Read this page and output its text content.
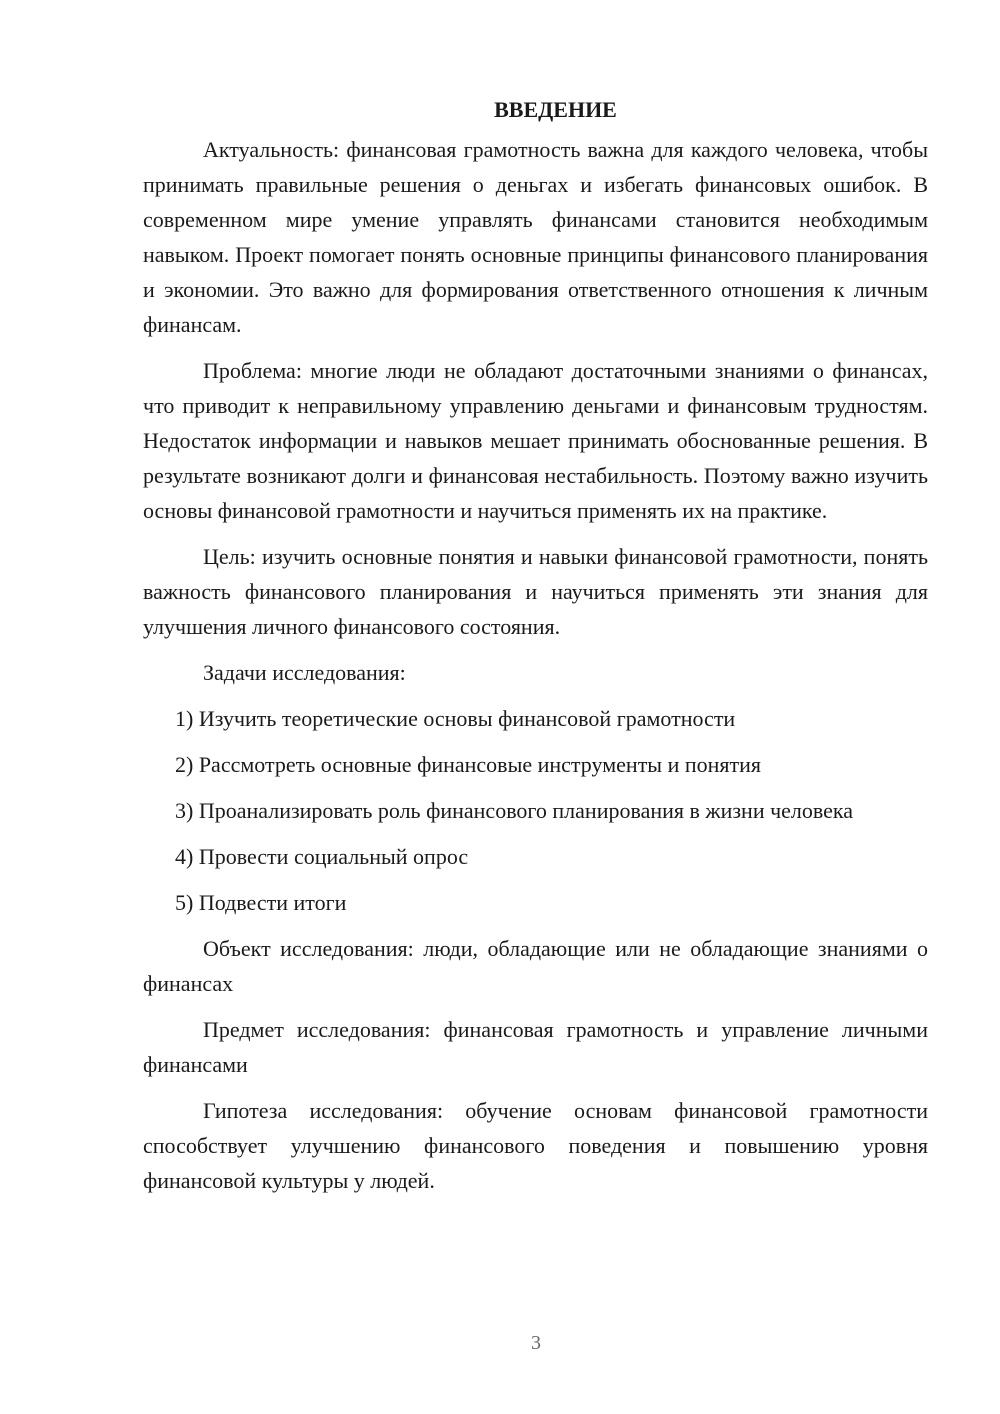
ВВЕДЕНИЕ

Актуальность: финансовая грамотность важна для каждого человека, чтобы принимать правильные решения о деньгах и избегать финансовых ошибок. В современном мире умение управлять финансами становится необходимым навыком. Проект помогает понять основные принципы финансового планирования и экономии. Это важно для формирования ответственного отношения к личным финансам.

Проблема: многие люди не обладают достаточными знаниями о финансах, что приводит к неправильному управлению деньгами и финансовым трудностям. Недостаток информации и навыков мешает принимать обоснованные решения. В результате возникают долги и финансовая нестабильность. Поэтому важно изучить основы финансовой грамотности и научиться применять их на практике.

Цель: изучить основные понятия и навыки финансовой грамотности, понять важность финансового планирования и научиться применять эти знания для улучшения личного финансового состояния.

Задачи исследования:

1) Изучить теоретические основы финансовой грамотности

2) Рассмотреть основные финансовые инструменты и понятия

3) Проанализировать роль финансового планирования в жизни человека

4) Провести социальный опрос

5) Подвести итоги

Объект исследования: люди, обладающие или не обладающие знаниями о финансах

Предмет исследования: финансовая грамотность и управление личными финансами

Гипотеза исследования: обучение основам финансовой грамотности способствует улучшению финансового поведения и повышению уровня финансовой культуры у людей.

3
